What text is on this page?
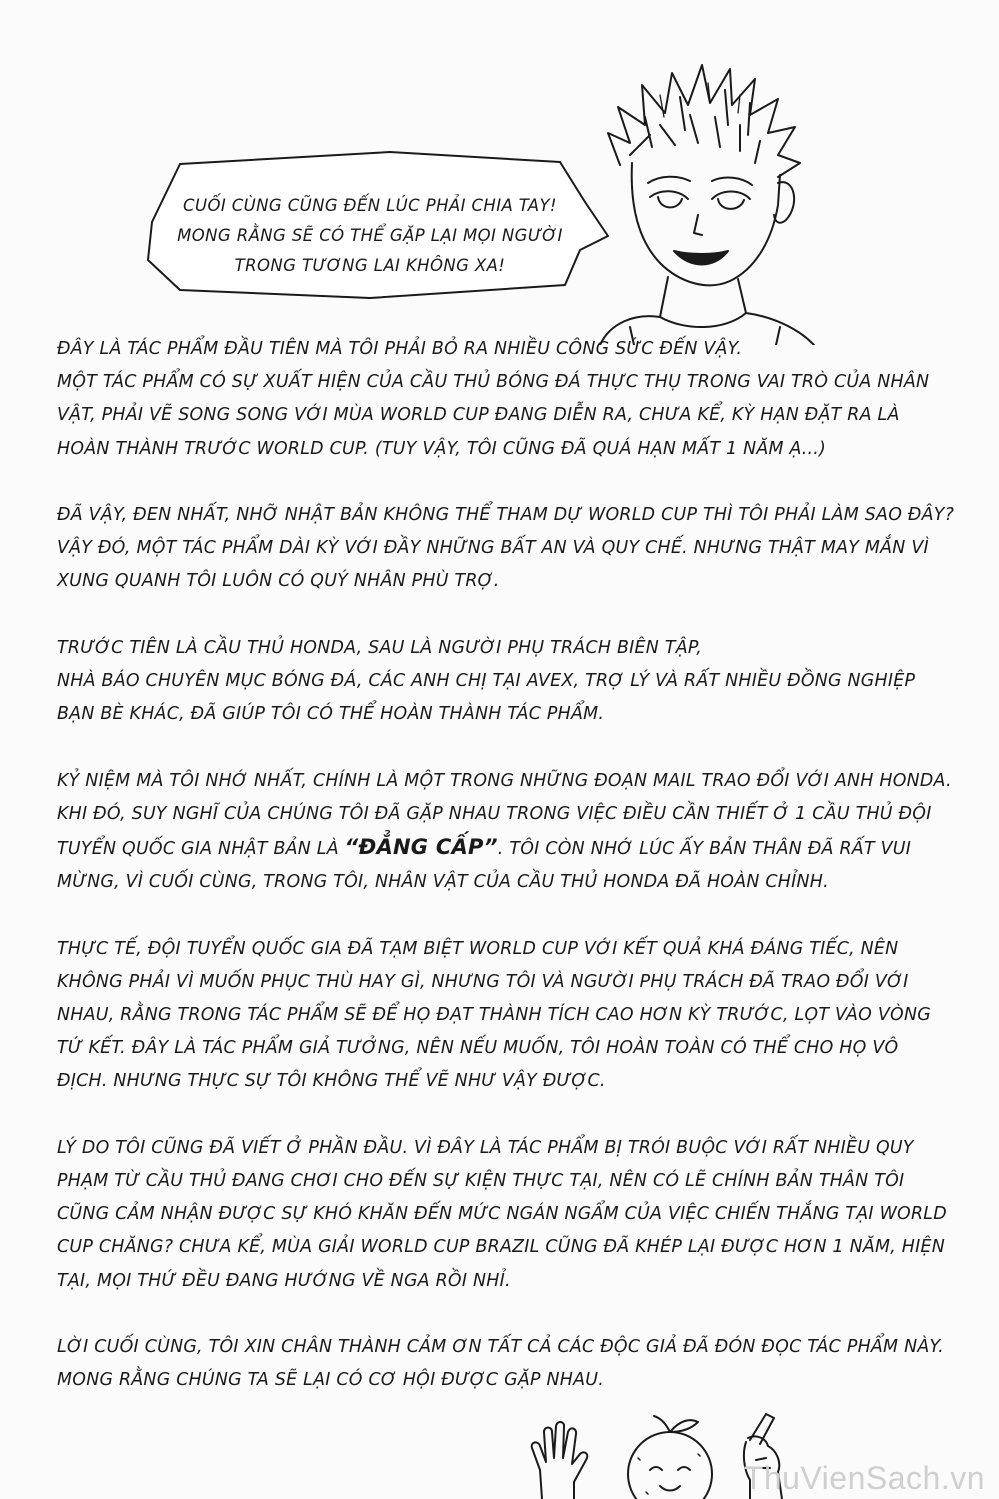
CUỐI CÙNG CŨNG ĐẾN LÚC PHẢI CHIA TAY!
MONG RẰNG SẼ CÓ THỂ GẶP LẠI MỌI NGƯỜI
TRONG TƯƠNG LAI KHÔNG XA!
ĐÂY LÀ TÁC PHẨM ĐẦU TIÊN MÀ TÔI PHẢI BỎ RA NHIỀU CÔNG SỨC ĐẾN VẬY.
MỘT TÁC PHẨM CÓ SỰ XUẤT HIỆN CỦA CẦU THỦ BÓNG ĐÁ THỰC THỤ TRONG VAI TRÒ CỦA NHÂN
VẬT, PHẢI VẼ SONG SONG VỚI MÙA WORLD CUP ĐANG DIỄN RA, CHƯA KỂ, KỲ HẠN ĐẶT RA LÀ
HOÀN THÀNH TRƯỚC WORLD CUP. (TUY VẬY, TÔI CŨNG ĐÃ QUÁ HẠN MẤT 1 NĂM Ạ...)
ĐÃ VẬY, ĐEN NHẤT, NHỠ NHẬT BẢN KHÔNG THỂ THAM DỰ WORLD CUP THÌ TÔI PHẢI LÀM SAO ĐÂY?
VẬY ĐÓ, MỘT TÁC PHẨM DÀI KỲ VỚI ĐẦY NHỮNG BẤT AN VÀ QUY CHẾ. NHƯNG THẬT MAY MẮN VÌ
XUNG QUANH TÔI LUÔN CÓ QUÝ NHÂN PHÙ TRỢ.
TRƯỚC TIÊN LÀ CẦU THỦ HONDA, SAU LÀ NGƯỜI PHỤ TRÁCH BIÊN TẬP,
NHÀ BÁO CHUYÊN MỤC BÓNG ĐÁ, CÁC ANH CHỊ TẠI AVEX, TRỢ LÝ VÀ RẤT NHIỀU ĐỒNG NGHIỆP
BẠN BÈ KHÁC, ĐÃ GIÚP TÔI CÓ THỂ HOÀN THÀNH TÁC PHẨM.
KỶ NIỆM MÀ TÔI NHỚ NHẤT, CHÍNH LÀ MỘT TRONG NHỮNG ĐOẠN MAIL TRAO ĐỔI VỚI ANH HONDA.
KHI ĐÓ, SUY NGHĨ CỦA CHÚNG TÔI ĐÃ GẶP NHAU TRONG VIỆC ĐIỀU CẦN THIẾT Ở 1 CẦU THỦ ĐỘI
TUYỂN QUỐC GIA NHẬT BẢN LÀ “ĐẲNG CẤP”. TÔI CÒN NHỚ LÚC ẤY BẢN THÂN ĐÃ RẤT VUI
MỪNG, VÌ CUỐI CÙNG, TRONG TÔI, NHÂN VẬT CỦA CẦU THỦ HONDA ĐÃ HOÀN CHỈNH.
THỰC TẾ, ĐỘI TUYỂN QUỐC GIA ĐÃ TẠM BIỆT WORLD CUP VỚI KẾT QUẢ KHÁ ĐÁNG TIẾC, NÊN
KHÔNG PHẢI VÌ MUỐN PHỤC THÙ HAY GÌ, NHƯNG TÔI VÀ NGƯỜI PHỤ TRÁCH ĐÃ TRAO ĐỔI VỚI
NHAU, RẰNG TRONG TÁC PHẨM SẼ ĐỂ HỌ ĐẠT THÀNH TÍCH CAO HƠN KỲ TRƯỚC, LỌT VÀO VÒNG
TỨ KẾT. ĐÂY LÀ TÁC PHẨM GIẢ TƯỞNG, NÊN NẾU MUỐN, TÔI HOÀN TOÀN CÓ THỂ CHO HỌ VÔ
ĐỊCH. NHƯNG THỰC SỰ TÔI KHÔNG THỂ VẼ NHƯ VẬY ĐƯỢC.
LÝ DO TÔI CŨNG ĐÃ VIẾT Ở PHẦN ĐẦU. VÌ ĐÂY LÀ TÁC PHẨM BỊ TRÓI BUỘC VỚI RẤT NHIỀU QUY
PHẠM TỪ CẦU THỦ ĐANG CHƠI CHO ĐẾN SỰ KIỆN THỰC TẠI, NÊN CÓ LẼ CHÍNH BẢN THÂN TÔI
CŨNG CẢM NHẬN ĐƯỢC SỰ KHÓ KHĂN ĐẾN MỨC NGÁN NGẨM CỦA VIỆC CHIẾN THẮNG TẠI WORLD
CUP CHĂNG? CHƯA KỂ, MÙA GIẢI WORLD CUP BRAZIL CŨNG ĐÃ KHÉP LẠI ĐƯỢC HƠN 1 NĂM, HIỆN
TẠI, MỌI THỨ ĐỀU ĐANG HƯỚNG VỀ NGA RỒI NHỈ.
LỜI CUỐI CÙNG, TÔI XIN CHÂN THÀNH CẢM ƠN TẤT CẢ CÁC ĐỘC GIẢ ĐÃ ĐÓN ĐỌC TÁC PHẨM NÀY.
MONG RẰNG CHÚNG TA SẼ LẠI CÓ CƠ HỘI ĐƯỢC GẶP NHAU.
ThuVienSach.vn
